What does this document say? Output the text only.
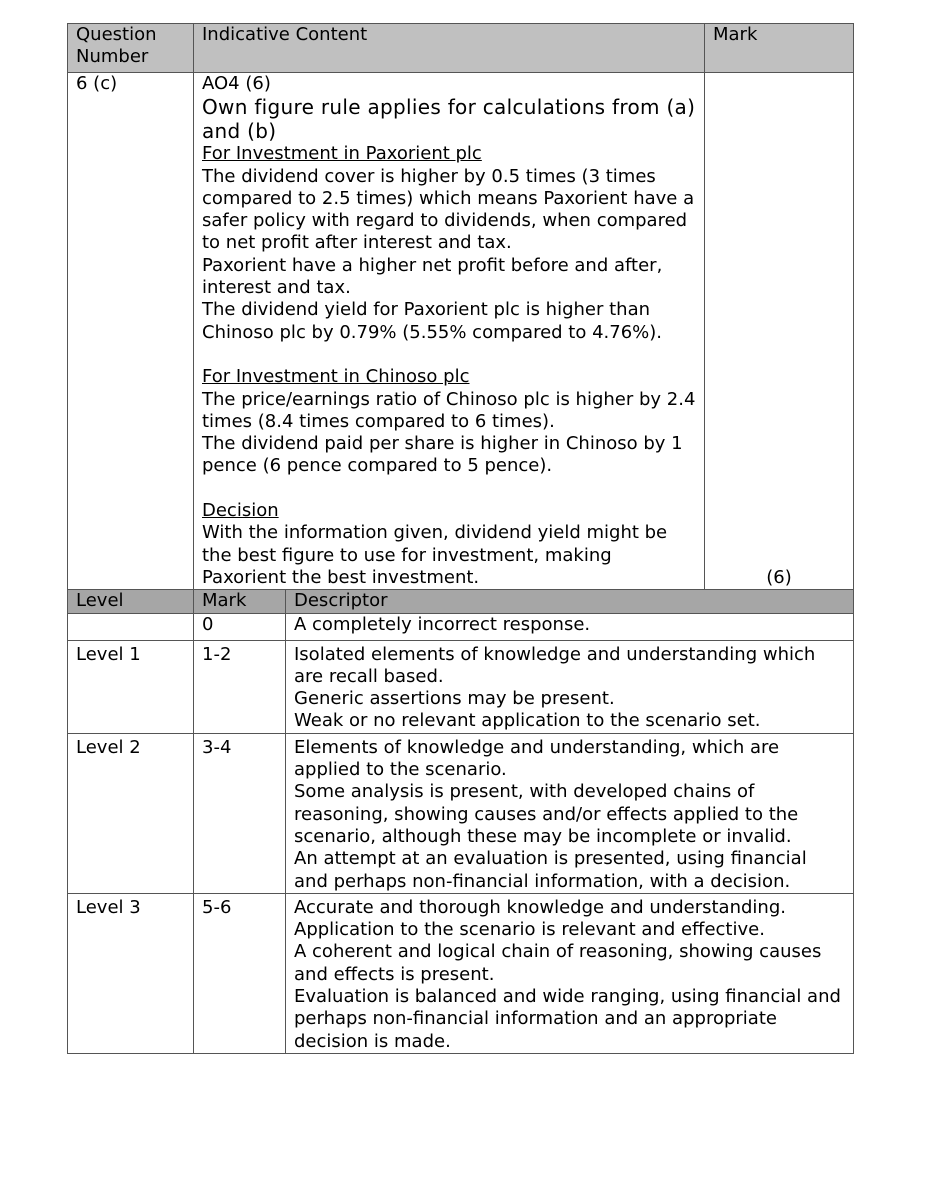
Question Number	Indicative Content	Mark
6 (c)	AO4 (6)
Own figure rule applies for calculations from (a) and (b)
For Investment in Paxorient plc
The dividend cover is higher by 0.5 times (3 times compared to 2.5 times) which means Paxorient have a safer policy with regard to dividends, when compared to net profit after interest and tax.
Paxorient have a higher net profit before and after, interest and tax.
The dividend yield for Paxorient plc is higher than Chinoso plc by 0.79% (5.55% compared to 4.76%).
For Investment in Chinoso plc
The price/earnings ratio of Chinoso plc is higher by 2.4 times (8.4 times compared to 6 times).
The dividend paid per share is higher in Chinoso by 1 pence (6 pence compared to 5 pence).
Decision
With the information given, dividend yield might be the best figure to use for investment, making Paxorient the best investment.	(6)
Level	Mark	Descriptor
	0	A completely incorrect response.

Level 1	1-2	Isolated elements of knowledge and understanding which are recall based.
Generic assertions may be present.
Weak or no relevant application to the scenario set.

Level 2	3-4	Elements of knowledge and understanding, which are applied to the scenario.
Some analysis is present, with developed chains of reasoning, showing causes and/or effects applied to the scenario, although these may be incomplete or invalid.
An attempt at an evaluation is presented, using financial and perhaps non-financial information, with a decision.

Level 3	5-6	Accurate and thorough knowledge and understanding.
Application to the scenario is relevant and effective.
A coherent and logical chain of reasoning, showing causes and effects is present.
Evaluation is balanced and wide ranging, using financial and perhaps non-financial information and an appropriate decision is made.
